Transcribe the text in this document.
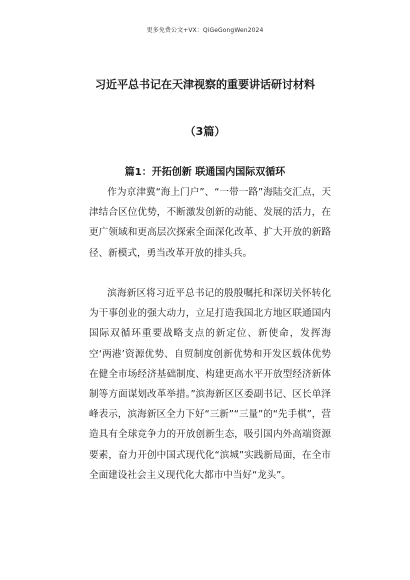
更多免费公文+VX：QiGeGongWen2024
习近平总书记在天津视察的重要讲话研讨材料
（3篇）
篇1：开拓创新 联通国内国际双循环

作为京津冀“海上门户”、“一带一路”海陆交汇点，天津结合区位优势，不断激发创新的动能、发展的活力，在更广领域和更高层次探索全面深化改革、扩大开放的新路径、新模式，勇当改革开放的排头兵。

滨海新区将习近平总书记的殷殷嘱托和深切关怀转化为干事创业的强大动力，立足打造我国北方地区联通国内国际双循环重要战略支点的新定位、新使命，发挥海空‘两港’资源优势、自贸制度创新优势和开发区载体优势在健全市场经济基础制度、构建更高水平开放型经济新体制等方面谋划改革举措。”滨海新区区委副书记、区长单泽峰表示，滨海新区全力下好“三新”“三量”的“先手棋”，营造具有全球竞争力的开放创新生态，吸引国内外高端资源要素，奋力开创中国式现代化“滨城”实践新局面，在全市全面建设社会主义现代化大都市中当好“龙头”。
